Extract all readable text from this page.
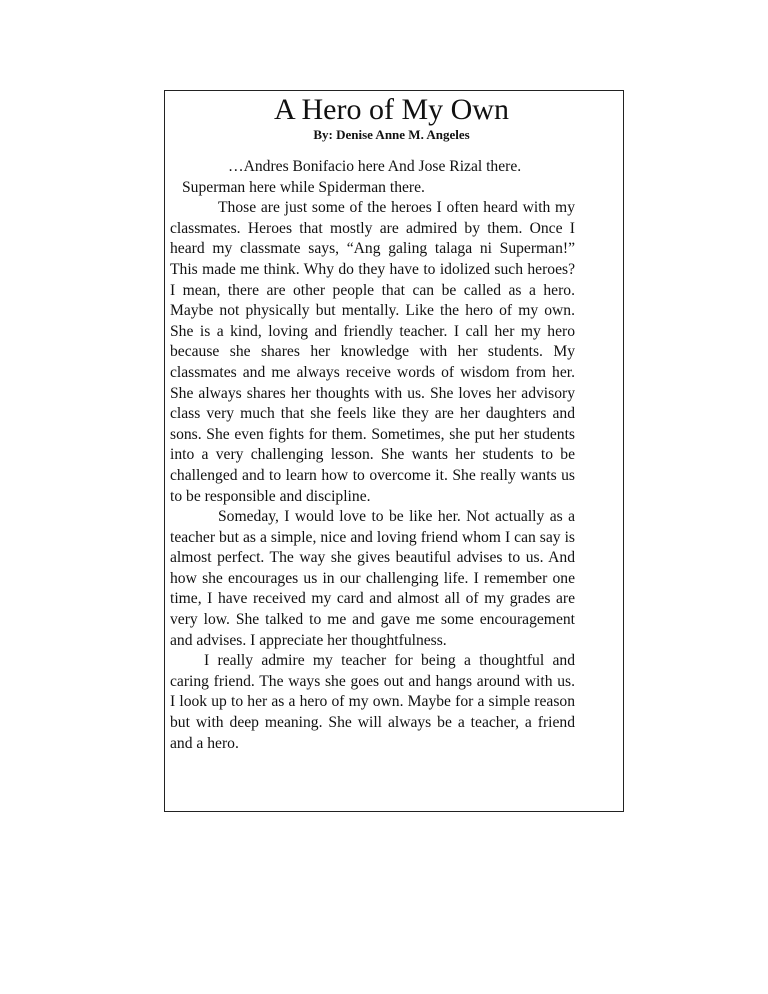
A Hero of My Own
By: Denise Anne M. Angeles

…Andres Bonifacio here And Jose Rizal there.

Superman here while Spiderman there.

Those are just some of the heroes I often heard with my classmates. Heroes that mostly are admired by them. Once I heard my classmate says, “Ang galing talaga ni Superman!” This made me think. Why do they have to idolized such heroes? I mean, there are other people that can be called as a hero. Maybe not physically but mentally. Like the hero of my own. She is a kind, loving and friendly teacher. I call her my hero because she shares her knowledge with her students. My classmates and me always receive words of wisdom from her. She always shares her thoughts with us. She loves her advisory class very much that she feels like they are her daughters and sons. She even fights for them. Sometimes, she put her students into a very challenging lesson. She wants her students to be challenged and to learn how to overcome it. She really wants us to be responsible and discipline.

Someday, I would love to be like her. Not actually as a teacher but as a simple, nice and loving friend whom I can say is almost perfect. The way she gives beautiful advises to us. And how she encourages us in our challenging life. I remember one time, I have received my card and almost all of my grades are very low. She talked to me and gave me some encouragement and advises. I appreciate her thoughtfulness.

I really admire my teacher for being a thoughtful and caring friend. The ways she goes out and hangs around with us. I look up to her as a hero of my own. Maybe for a simple reason but with deep meaning. She will always be a teacher, a friend and a hero.
